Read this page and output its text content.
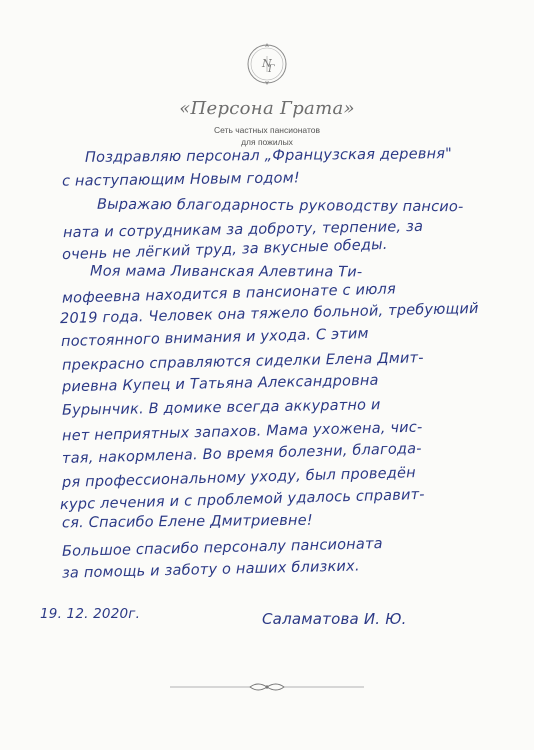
N
Г
«Персона Грата»
Сеть частных пансионатов
для пожилых
Поздравляю персонал „Французская деревня"
с наступающим Новым годом!
Выражаю благодарность руководству пансио-
ната и сотрудникам за доброту, терпение, за
очень не лёгкий труд, за вкусные обеды.
Моя мама Ливанская Алевтина Ти-
мофеевна находится в пансионате с июля
2019 года. Человек она тяжело больной, требующий
постоянного внимания и ухода. С этим
прекрасно справляются сиделки Елена Дмит-
риевна Купец и Татьяна Александровна
Бурынчик. В домике всегда аккуратно и
нет неприятных запахов. Мама ухожена, чис-
тая, накормлена. Во время болезни, благода-
ря профессиональному уходу, был проведён
курс лечения и с проблемой удалось справит-
ся. Спасибо Елене Дмитриевне!
Большое спасибо персоналу пансионата
за помощь и заботу о наших близких.
19. 12. 2020г.	Саламатова И. Ю.
